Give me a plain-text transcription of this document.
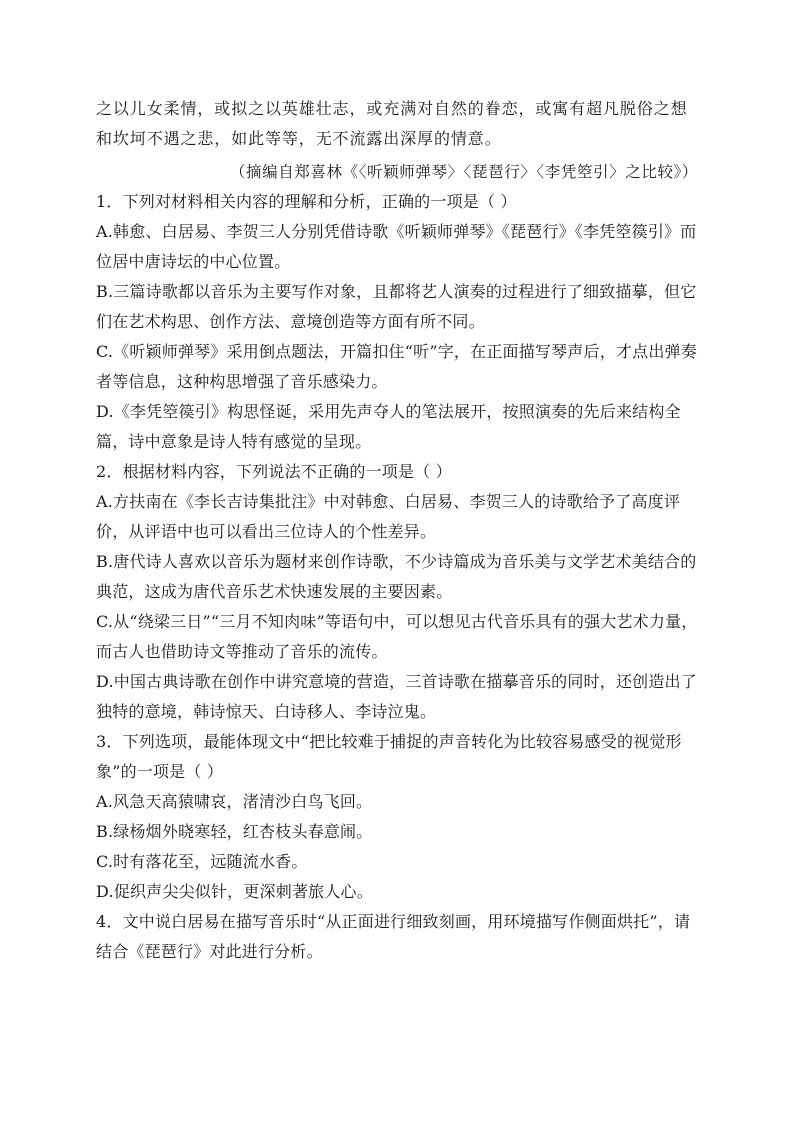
之以儿女柔情，或拟之以英雄壮志，或充满对自然的眷恋，或寓有超凡脱俗之想和坎坷不遇之悲，如此等等，无不流露出深厚的情意。
（摘编自郑喜林《〈听颖师弹琴〉〈琵琶行〉〈李凭箜引〉之比较》）
1．下列对材料相关内容的理解和分析，正确的一项是（ ）
A.韩愈、白居易、李贺三人分别凭借诗歌《听颖师弹琴》《琵琶行》《李凭箜篌引》而位居中唐诗坛的中心位置。
B.三篇诗歌都以音乐为主要写作对象，且都将艺人演奏的过程进行了细致描摹，但它们在艺术构思、创作方法、意境创造等方面有所不同。
C.《听颖师弹琴》采用倒点题法，开篇扣住“听”字，在正面描写琴声后，才点出弹奏者等信息，这种构思增强了音乐感染力。
D.《李凭箜篌引》构思怪诞，采用先声夺人的笔法展开，按照演奏的先后来结构全篇，诗中意象是诗人特有感觉的呈现。
2．根据材料内容，下列说法不正确的一项是（ ）
A.方扶南在《李长吉诗集批注》中对韩愈、白居易、李贺三人的诗歌给予了高度评价，从评语中也可以看出三位诗人的个性差异。
B.唐代诗人喜欢以音乐为题材来创作诗歌，不少诗篇成为音乐美与文学艺术美结合的典范，这成为唐代音乐艺术快速发展的主要因素。
C.从“绕梁三日”“三月不知肉味”等语句中，可以想见古代音乐具有的强大艺术力量，而古人也借助诗文等推动了音乐的流传。
D.中国古典诗歌在创作中讲究意境的营造，三首诗歌在描摹音乐的同时，还创造出了独特的意境，韩诗惊天、白诗移人、李诗泣鬼。
3．下列选项，最能体现文中“把比较难于捕捉的声音转化为比较容易感受的视觉形象”的一项是（ ）
A.风急天高猿啸哀，渚清沙白鸟飞回。
B.绿杨烟外晓寒轻，红杏枝头春意闹。
C.时有落花至，远随流水香。
D.促织声尖尖似针，更深刺著旅人心。
4．文中说白居易在描写音乐时“从正面进行细致刻画，用环境描写作侧面烘托”，请结合《琵琶行》对此进行分析。
